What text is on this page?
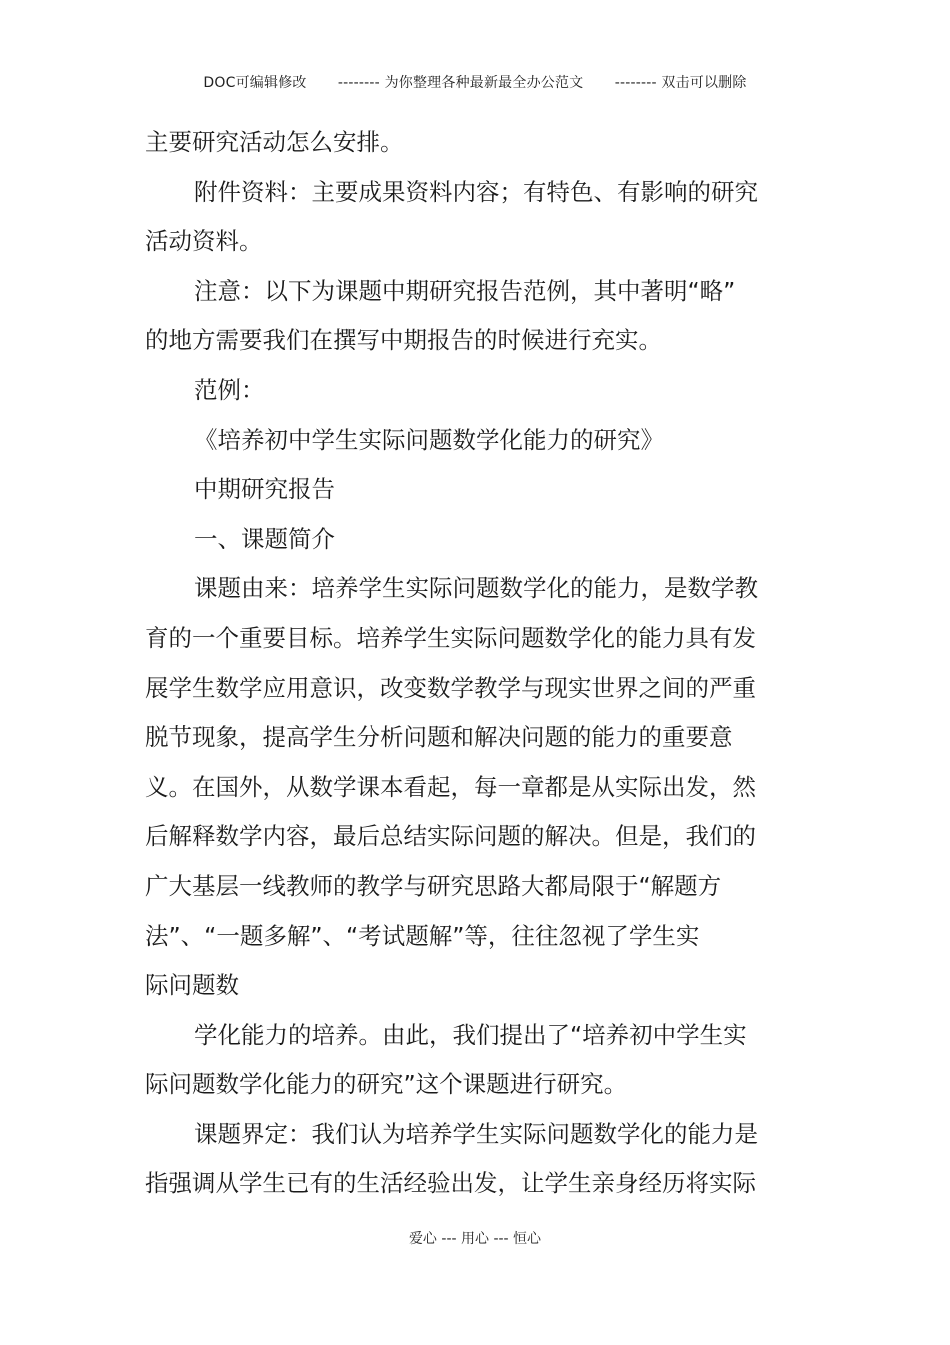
DOC可编辑修改 -------- 为你整理各种最新最全办公范文 -------- 双击可以删除
主要研究活动怎么安排。
附件资料：主要成果资料内容；有特色、有影响的研究
活动资料。
注意：以下为课题中期研究报告范例，其中著明“略”
的地方需要我们在撰写中期报告的时候进行充实。
范例：
《培养初中学生实际问题数学化能力的研究》
中期研究报告
一、课题简介
课题由来：培养学生实际问题数学化的能力，是数学教
育的一个重要目标。培养学生实际问题数学化的能力具有发
展学生数学应用意识，改变数学教学与现实世界之间的严重
脱节现象，提高学生分析问题和解决问题的能力的重要意
义。在国外，从数学课本看起，每一章都是从实际出发，然
后解释数学内容，最后总结实际问题的解决。但是，我们的
广大基层一线教师的教学与研究思路大都局限于“解题方
法”、“一题多解”、“考试题解”等，往往忽视了学生实
际问题数
学化能力的培养。由此，我们提出了“培养初中学生实
际问题数学化能力的研究”这个课题进行研究。
课题界定：我们认为培养学生实际问题数学化的能力是
指强调从学生已有的生活经验出发，让学生亲身经历将实际
爱心 --- 用心 --- 恒心
